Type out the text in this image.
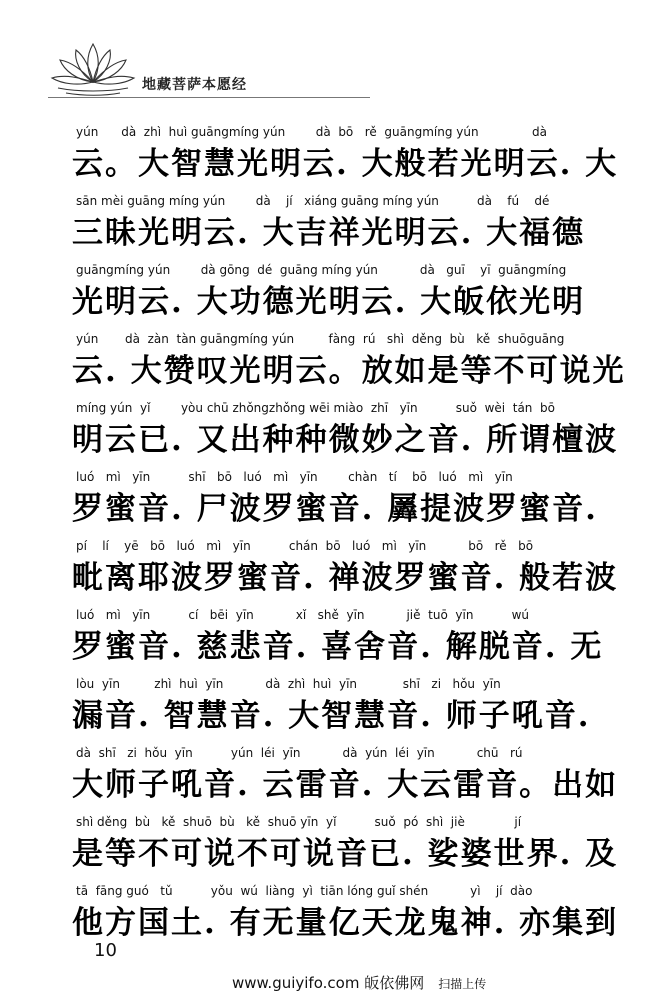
地藏菩萨本愿经
yún      dà  zhì  huì guāngmíng yún        dà  bō   rě  guāngmíng yún              dà
云。大智慧光明云. 大般若光明云. 大
sān mèi guāng míng yún        dà    jí   xiáng guāng míng yún          dà    fú    dé
三昧光明云. 大吉祥光明云. 大福德
guāngmíng yún        dà gōng  dé  guāng míng yún           dà   guī    yī  guāngmíng
光明云. 大功德光明云. 大皈依光明
yún       dà  zàn  tàn guāngmíng yún         fàng  rú   shì  děng  bù   kě  shuōguāng
云. 大赞叹光明云。放如是等不可说光
míng yún  yǐ        yòu chū zhǒngzhǒng wēi miào  zhī   yīn          suǒ  wèi  tán  bō
明云已. 又出种种微妙之音. 所谓檀波
luó   mì   yīn          shī   bō   luó   mì   yīn        chàn   tí    bō   luó   mì   yīn
罗蜜音. 尸波罗蜜音. 羼提波罗蜜音.
pí    lí    yē   bō   luó   mì   yīn          chán  bō   luó   mì   yīn           bō   rě   bō
毗离耶波罗蜜音. 禅波罗蜜音. 般若波
luó   mì   yīn          cí   bēi  yīn           xǐ   shě  yīn           jiě  tuō  yīn          wú
罗蜜音. 慈悲音. 喜舍音. 解脱音. 无
lòu  yīn         zhì  huì  yīn           dà  zhì  huì  yīn            shī   zi   hǒu  yīn
漏音. 智慧音. 大智慧音. 师子吼音.
dà  shī   zi  hǒu  yīn          yún  léi  yīn           dà  yún  léi  yīn           chū   rú
大师子吼音. 云雷音. 大云雷音。出如
shì děng  bù   kě  shuō  bù   kě  shuō yīn  yǐ          suǒ  pó  shì  jiè             jí
是等不可说不可说音已. 娑婆世界. 及
tā  fāng guó   tǔ          yǒu  wú  liàng  yì  tiān lóng guǐ shén           yì    jí  dào
他方国土. 有无量亿天龙鬼神. 亦集到
10
www.guiyifo.com 皈依佛网 扫描上传
